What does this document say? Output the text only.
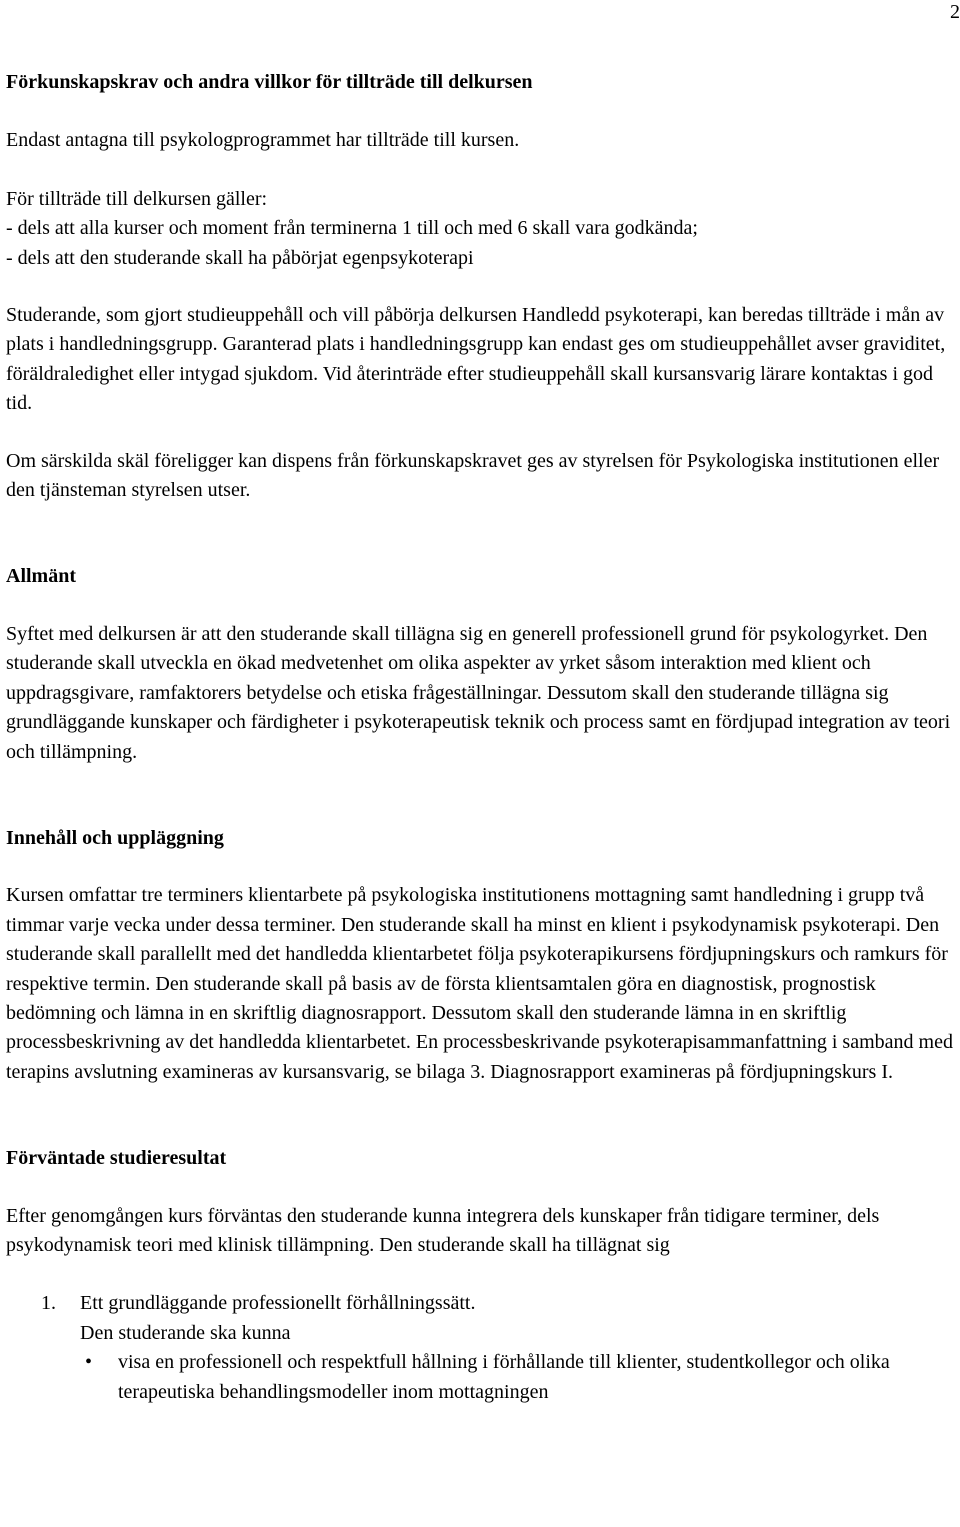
2

Förkunskapskrav och andra villkor för tillträde till delkursen

Endast antagna till psykologprogrammet har tillträde till kursen.

För tillträde till delkursen gäller:
- dels att alla kurser och moment från terminerna 1 till och med 6 skall vara godkända;
- dels att den studerande skall ha påbörjat egenpsykoterapi

Studerande, som gjort studieuppehåll och vill påbörja delkursen Handledd psykoterapi, kan beredas tillträde i mån av plats i handledningsgrupp. Garanterad plats i handledningsgrupp kan endast ges om studieuppehållet avser graviditet, föräldraledighet eller intygad sjukdom. Vid återinträde efter studieuppehåll skall kursansvarig lärare kontaktas i god tid.

Om särskilda skäl föreligger kan dispens från förkunskapskravet ges av styrelsen för Psykologiska institutionen eller den tjänsteman styrelsen utser.

Allmänt

Syftet med delkursen är att den studerande skall tillägna sig en generell professionell grund för psykologyrket. Den studerande skall utveckla en ökad medvetenhet om olika aspekter av yrket såsom interaktion med klient och uppdragsgivare, ramfaktorers betydelse och etiska frågeställningar. Dessutom skall den studerande tillägna sig grundläggande kunskaper och färdigheter i psykoterapeutisk teknik och process samt en fördjupad integration av teori och tillämpning.

Innehåll och uppläggning

Kursen omfattar tre terminers klientarbete på psykologiska institutionens mottagning samt handledning i grupp två timmar varje vecka under dessa terminer. Den studerande skall ha minst en klient i psykodynamisk psykoterapi. Den studerande skall parallellt med det handledda klientarbetet följa psykoterapikursens fördjupningskurs och ramkurs för respektive termin. Den studerande skall på basis av de första klientsamtalen göra en diagnostisk, prognostisk bedömning och lämna in en skriftlig diagnosrapport. Dessutom skall den studerande lämna in en skriftlig processbeskrivning av det handledda klientarbetet. En processbeskrivande psykoterapisammanfattning i samband med terapins avslutning examineras av kursansvarig, se bilaga 3. Diagnosrapport examineras på fördjupningskurs I.

Förväntade studieresultat

Efter genomgången kurs förväntas den studerande kunna integrera dels kunskaper från tidigare terminer, dels psykodynamisk teori med klinisk tillämpning. Den studerande skall ha tillägnat sig

1. Ett grundläggande professionellt förhållningssätt.
Den studerande ska kunna
• visa en professionell och respektfull hållning i förhållande till klienter, studentkollegor och olika terapeutiska behandlingsmodeller inom mottagningen
